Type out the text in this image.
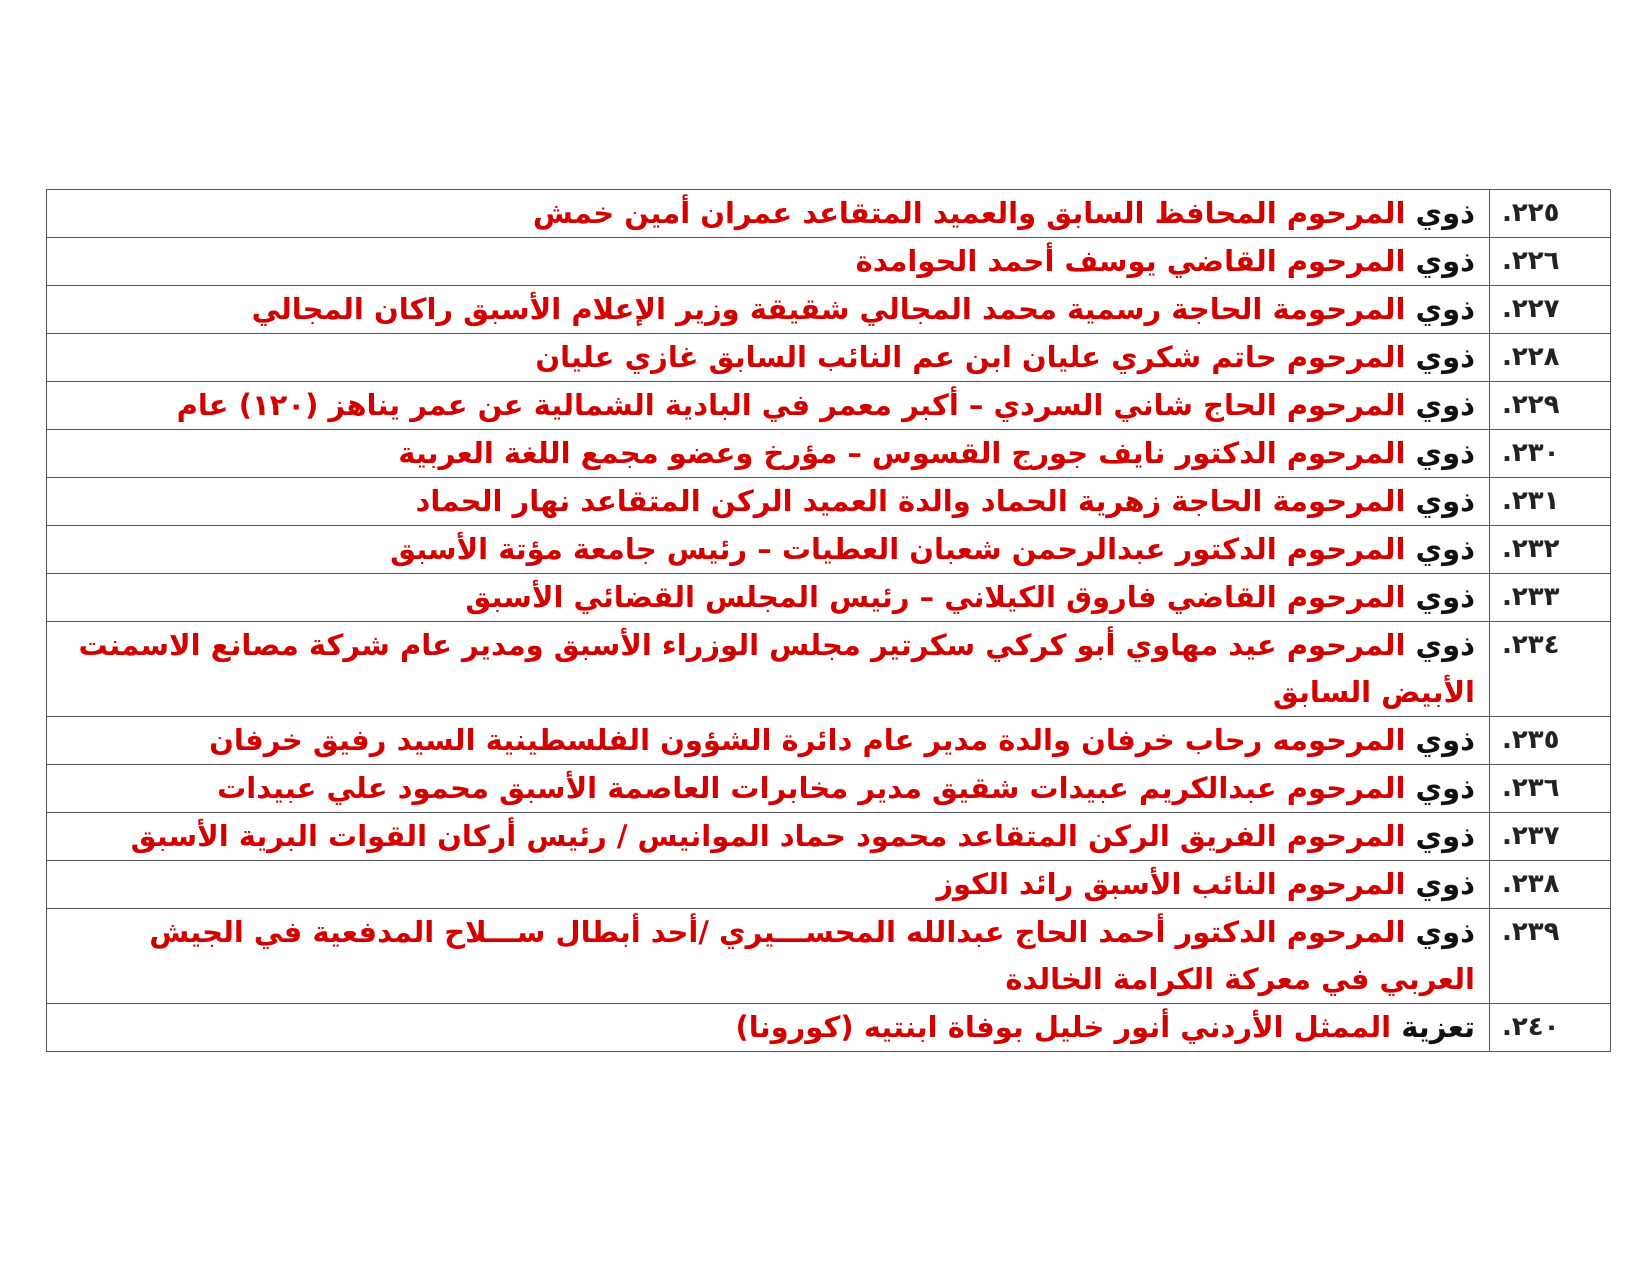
٢٢٥.	ذوي المرحوم المحافظ السابق والعميد المتقاعد عمران أمين خمش
٢٢٦.	ذوي المرحوم القاضي يوسف أحمد الحوامدة
٢٢٧.	ذوي المرحومة الحاجة رسمية محمد المجالي شقيقة وزير الإعلام الأسبق راكان المجالي
٢٢٨.	ذوي المرحوم حاتم شكري عليان ابن عم النائب السابق غازي عليان
٢٢٩.	ذوي المرحوم الحاج شاني السردي – أكبر معمر في البادية الشمالية عن عمر يناهز (١٢٠) عام
٢٣٠.	ذوي المرحوم الدكتور نايف جورج القسوس – مؤرخ وعضو مجمع اللغة العربية
٢٣١.	ذوي المرحومة الحاجة زهرية الحماد والدة العميد الركن المتقاعد نهار الحماد
٢٣٢.	ذوي المرحوم الدكتور عبدالرحمن شعبان العطيات – رئيس جامعة مؤتة الأسبق
٢٣٣.	ذوي المرحوم القاضي فاروق الكيلاني – رئيس المجلس القضائي الأسبق
٢٣٤.	ذوي المرحوم عيد مهاوي أبو كركي سكرتير مجلس الوزراء الأسبق ومدير عام شركة مصانع الاسمنت الأبيض السابق
٢٣٥.	ذوي المرحومه رحاب خرفان والدة مدير عام دائرة الشؤون الفلسطينية السيد رفيق خرفان
٢٣٦.	ذوي المرحوم عبدالكريم عبيدات شقيق مدير مخابرات العاصمة الأسبق محمود علي عبيدات
٢٣٧.	ذوي المرحوم الفريق الركن المتقاعد محمود حماد الموانيس / رئيس أركان القوات البرية الأسبق
٢٣٨.	ذوي المرحوم النائب الأسبق رائد الكوز
٢٣٩.	ذوي المرحوم الدكتور أحمد الحاج عبدالله المحســـيري /أحد أبطال ســـلاح المدفعية في الجيش العربي في معركة الكرامة الخالدة
٢٤٠.	تعزية الممثل الأردني أنور خليل بوفاة ابنتيه (كورونا)
